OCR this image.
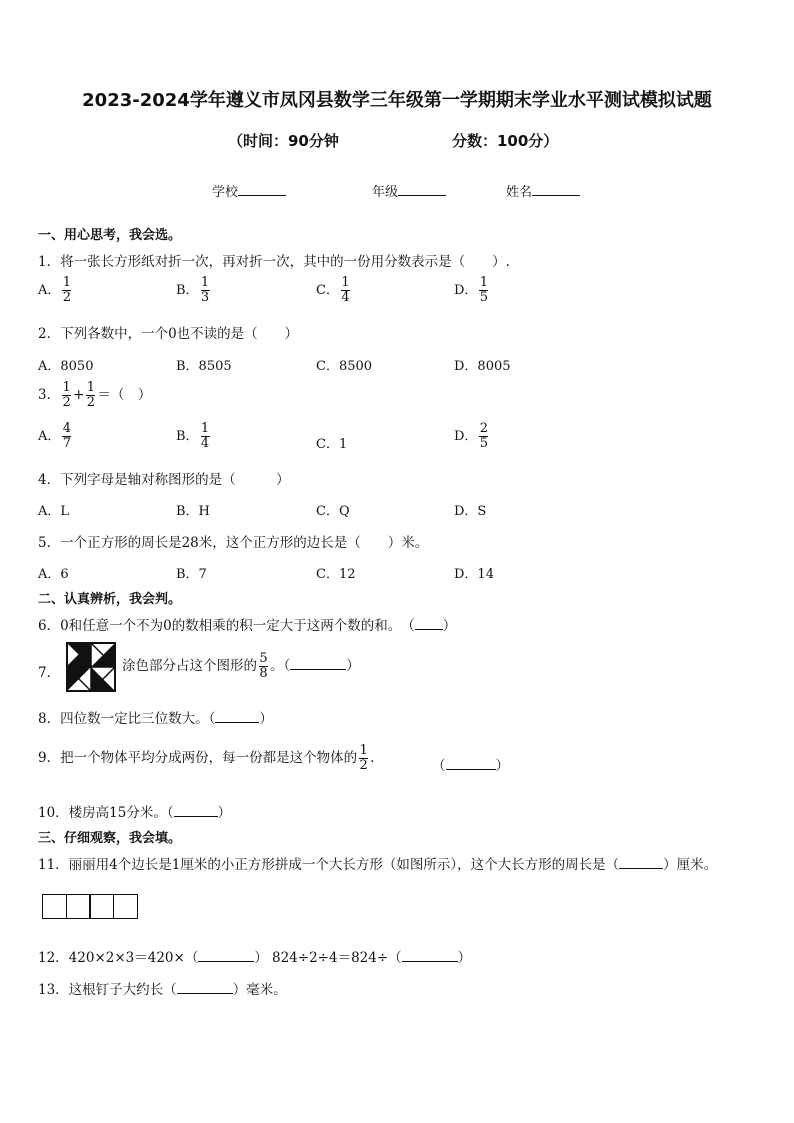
2023-2024学年遵义市凤冈县数学三年级第一学期期末学业水平测试模拟试题
（时间：90分钟	分数：100分）
学校	年级	姓名
一、用心思考，我会选。
1．将一张长方形纸对折一次，再对折一次，其中的一份用分数表示是（　　）.
A． $\frac{1}{2}$	B． $\frac{1}{3}$	C． $\frac{1}{4}$	D． $\frac{1}{5}$
2．下列各数中，一个0也不读的是（　　）
A．8050	B．8505	C．8500	D．8005
3． $\frac{1}{2} + \frac{1}{2}$ ＝（　）
A． $\frac{4}{7}$	B． $\frac{1}{4}$	C．1
D． $\frac{2}{5}$
4．下列字母是轴对称图形的是（　　　）
A．L	B．H	C．Q	D．S
5．一个正方形的周长是28米，这个正方形的边长是（　　）米。
A．6	B．7	C．12	D．14
二、认真辨析，我会判。
6．0和任意一个不为0的数相乘的积一定大于这两个数的和。　（ ）
7．	涂色部分占这个图形的 $\frac{5}{8}$ 。（	）
8．四位数一定比三位数大。（	）
9．把一个物体平均分成两份，每一份都是这个物体的 $\frac{1}{2}$ .	（	）
10．楼房高15分米。（	）
三、仔细观察，我会填。
11．丽丽用4个边长是1厘米的小正方形拼成一个大长方形（如图所示），这个大长方形的周长是（	）厘米。
12．420×2×3＝420×（	） 824÷2÷4＝824÷（	）
13．这根钉子大约长（	）毫米。
